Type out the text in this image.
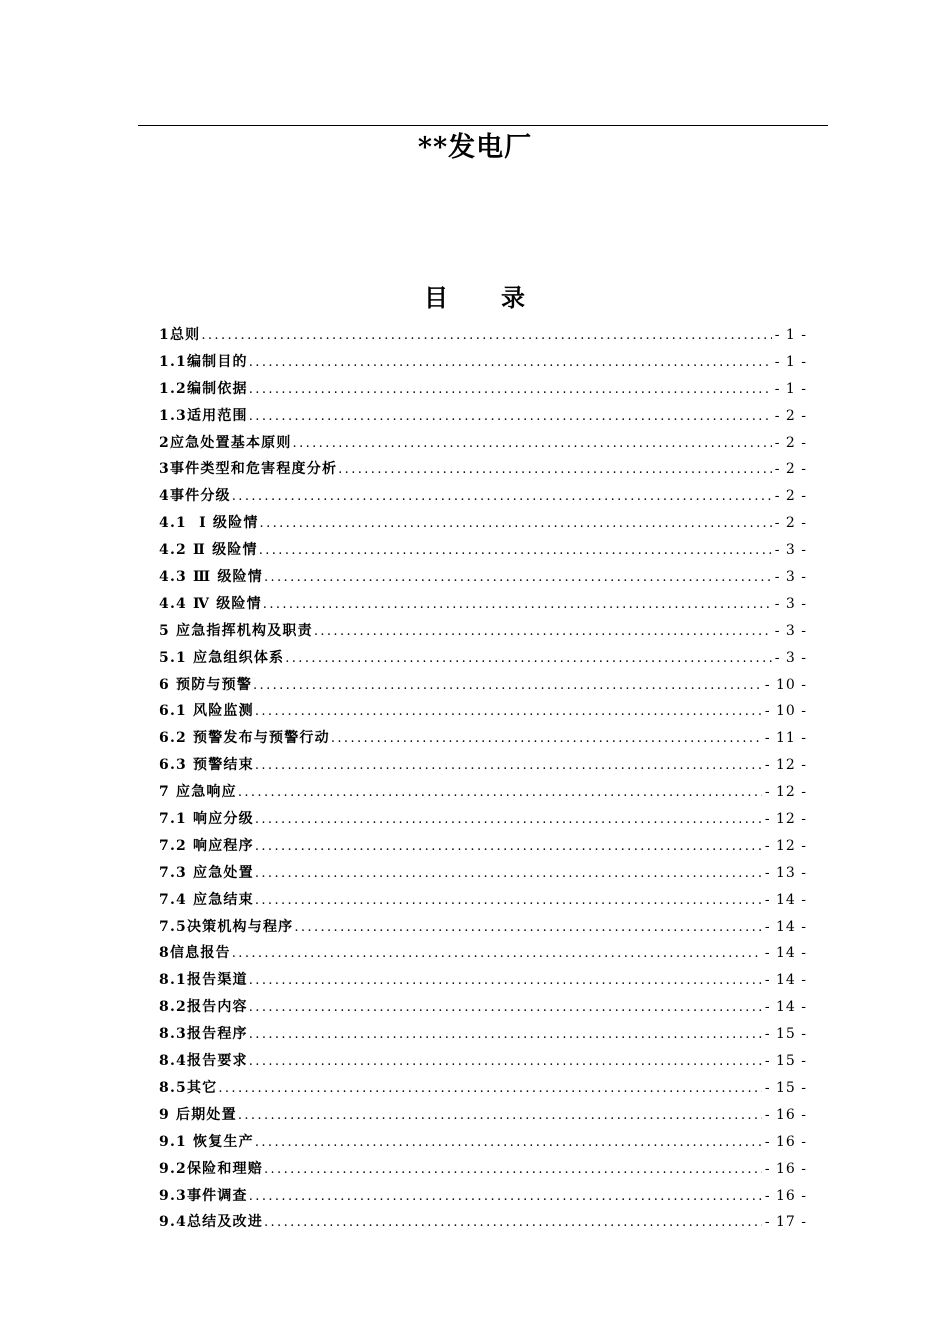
**发电厂
目 录
1总则 .....	- 1 -
1.1编制目的 .....	- 1 -
1.2编制依据 .....	- 1 -
1.3适用范围 .....	- 2 -
2应急处置基本原则 .....	- 2 -
3事件类型和危害程度分析 .....	- 2 -
4事件分级 .....	- 2 -
4.1  Ⅰ 级险情 .....	- 2 -
4.2 Ⅱ 级险情 .....	- 3 -
4.3 Ⅲ 级险情 .....	- 3 -
4.4 Ⅳ 级险情 .....	- 3 -
5 应急指挥机构及职责 .....	- 3 -
5.1 应急组织体系 .....	- 3 -
6 预防与预警 .....	- 10 -
6.1 风险监测 .....	- 10 -
6.2 预警发布与预警行动 .....	- 11 -
6.3 预警结束 .....	- 12 -
7 应急响应 .....	- 12 -
7.1 响应分级 .....	- 12 -
7.2 响应程序 .....	- 12 -
7.3 应急处置 .....	- 13 -
7.4 应急结束 .....	- 14 -
7.5决策机构与程序 .....	- 14 -
8信息报告 .....	- 14 -
8.1报告渠道 .....	- 14 -
8.2报告内容 .....	- 14 -
8.3报告程序 .....	- 15 -
8.4报告要求 .....	- 15 -
8.5其它 .....	- 15 -
9 后期处置 .....	- 16 -
9.1 恢复生产 .....	- 16 -
9.2保险和理赔 .....	- 16 -
9.3事件调查 .....	- 16 -
9.4总结及改进 .....	- 17 -
